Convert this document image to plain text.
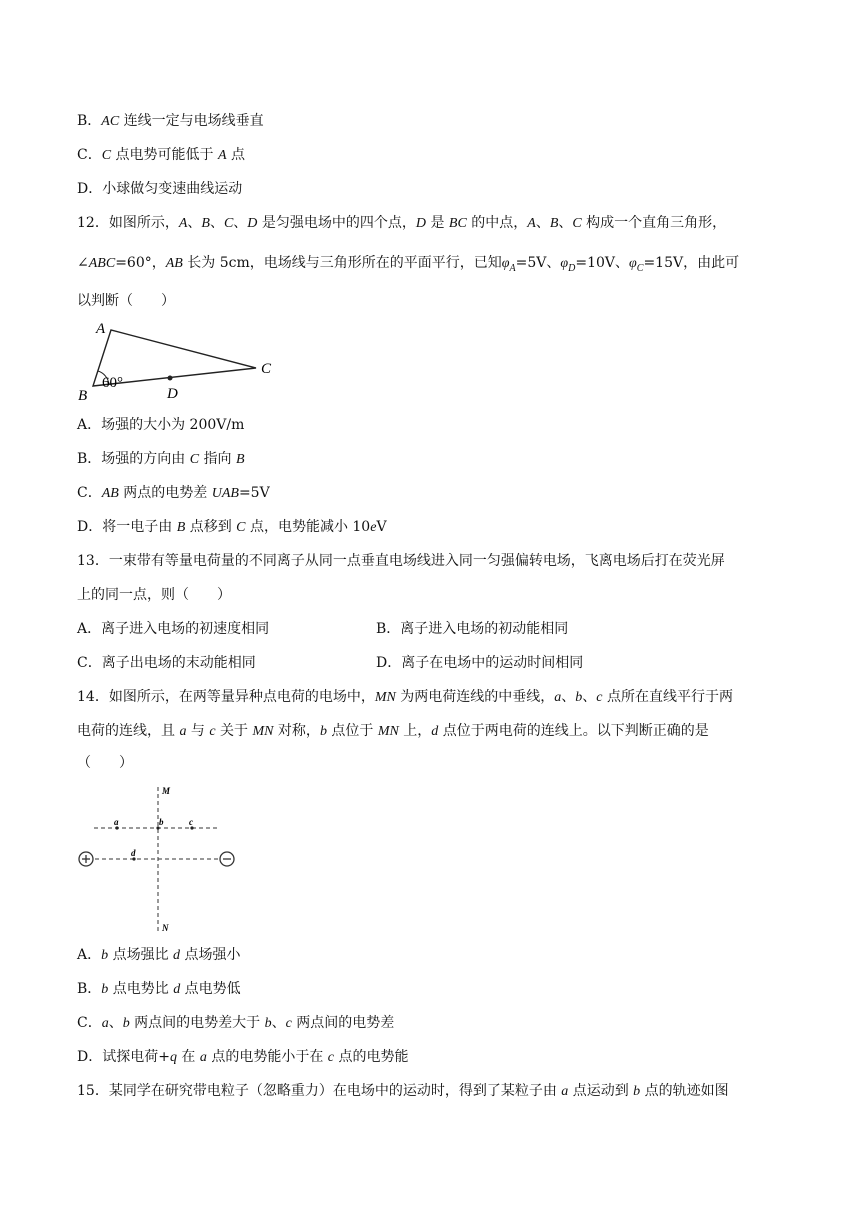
B．AC 连线一定与电场线垂直
C．C 点电势可能低于 A 点
D．小球做匀变速曲线运动
12．如图所示，A、B、C、D 是匀强电场中的四个点，D 是 BC 的中点，A、B、C 构成一个直角三角形，
∠ABC=60°，AB 长为 5cm，电场线与三角形所在的平面平行，已知$\varphi_A=5V$、$\varphi_D=10V$、$\varphi_C=15V$，由此可
以判断（　　）
A
B
C
D
60°
A．场强的大小为 200V/m
B．场强的方向由 C 指向 B
C．AB 两点的电势差 UAB=5V
D．将一电子由 B 点移到 C 点，电势能减小 10eV
13．一束带有等量电荷量的不同离子从同一点垂直电场线进入同一匀强偏转电场，飞离电场后打在荧光屏
上的同一点，则（　　）
A．离子进入电场的初速度相同	B．离子进入电场的初动能相同
C．离子出电场的末动能相同	D．离子在电场中的运动时间相同
14．如图所示，在两等量异种点电荷的电场中，MN 为两电荷连线的中垂线，a、b、c 点所在直线平行于两
电荷的连线，且 a 与 c 关于 MN 对称，b 点位于 MN 上，d 点位于两电荷的连线上。以下判断正确的是
（　　）
M
N
a	b	c
d
A．b 点场强比 d 点场强小
B．b 点电势比 d 点电势低
C．a、b 两点间的电势差大于 b、c 两点间的电势差
D．试探电荷+q 在 a 点的电势能小于在 c 点的电势能
15．某同学在研究带电粒子（忽略重力）在电场中的运动时，得到了某粒子由 a 点运动到 b 点的轨迹如图
